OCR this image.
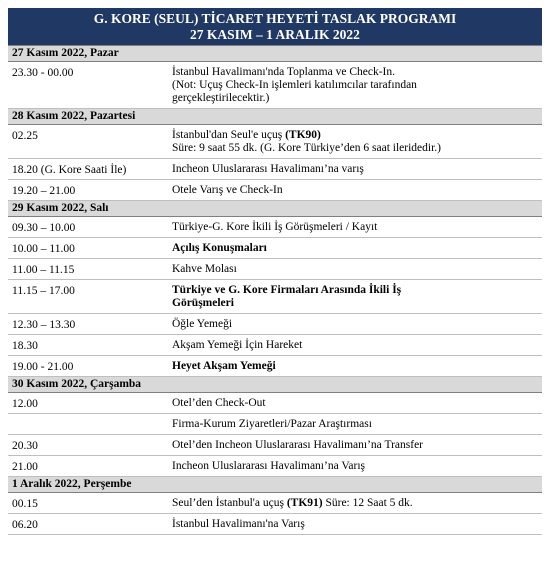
G. KORE (SEUL) TİCARET HEYETİ TASLAK PROGRAMI
27 KASIM – 1 ARALIK 2022
27 Kasım 2022, Pazar	
23.30 - 00.00	İstanbul Havalimanı'nda Toplanma ve Check-In.
(Not: Uçuş Check-In işlemleri katılımcılar tarafından
gerçekleştirilecektir.)

28 Kasım 2022, Pazartesi	
02.25	İstanbul'dan Seul'e uçuş (TK90)
Süre: 9 saat 55 dk. (G. Kore Türkiye’den 6 saat ileridedir.)

18.20 (G. Kore Saati İle)	Incheon Uluslararası Havalimanı’na varış

19.20 – 21.00	Otele Varış ve Check-In

29 Kasım 2022, Salı	
09.30 – 10.00	Türkiye-G. Kore İkili İş Görüşmeleri / Kayıt

10.00 – 11.00	Açılış Konuşmaları

11.00 – 11.15	Kahve Molası

11.15 – 17.00	Türkiye ve G. Kore Firmaları Arasında İkili İş
Görüşmeleri

12.30 – 13.30	Öğle Yemeği

18.30	Akşam Yemeği İçin Hareket

19.00 - 21.00	Heyet Akşam Yemeği

30 Kasım 2022, Çarşamba	
12.00	Otel’den Check-Out

	Firma-Kurum Ziyaretleri/Pazar Araştırması

20.30	Otel’den Incheon Uluslararası Havalimanı’na Transfer

21.00	Incheon Uluslararası Havalimanı’na Varış

1 Aralık 2022, Perşembe	
00.15	Seul’den İstanbul'a uçuş (TK91) Süre: 12 Saat 5 dk.

06.20	İstanbul Havalimanı'na Varış
